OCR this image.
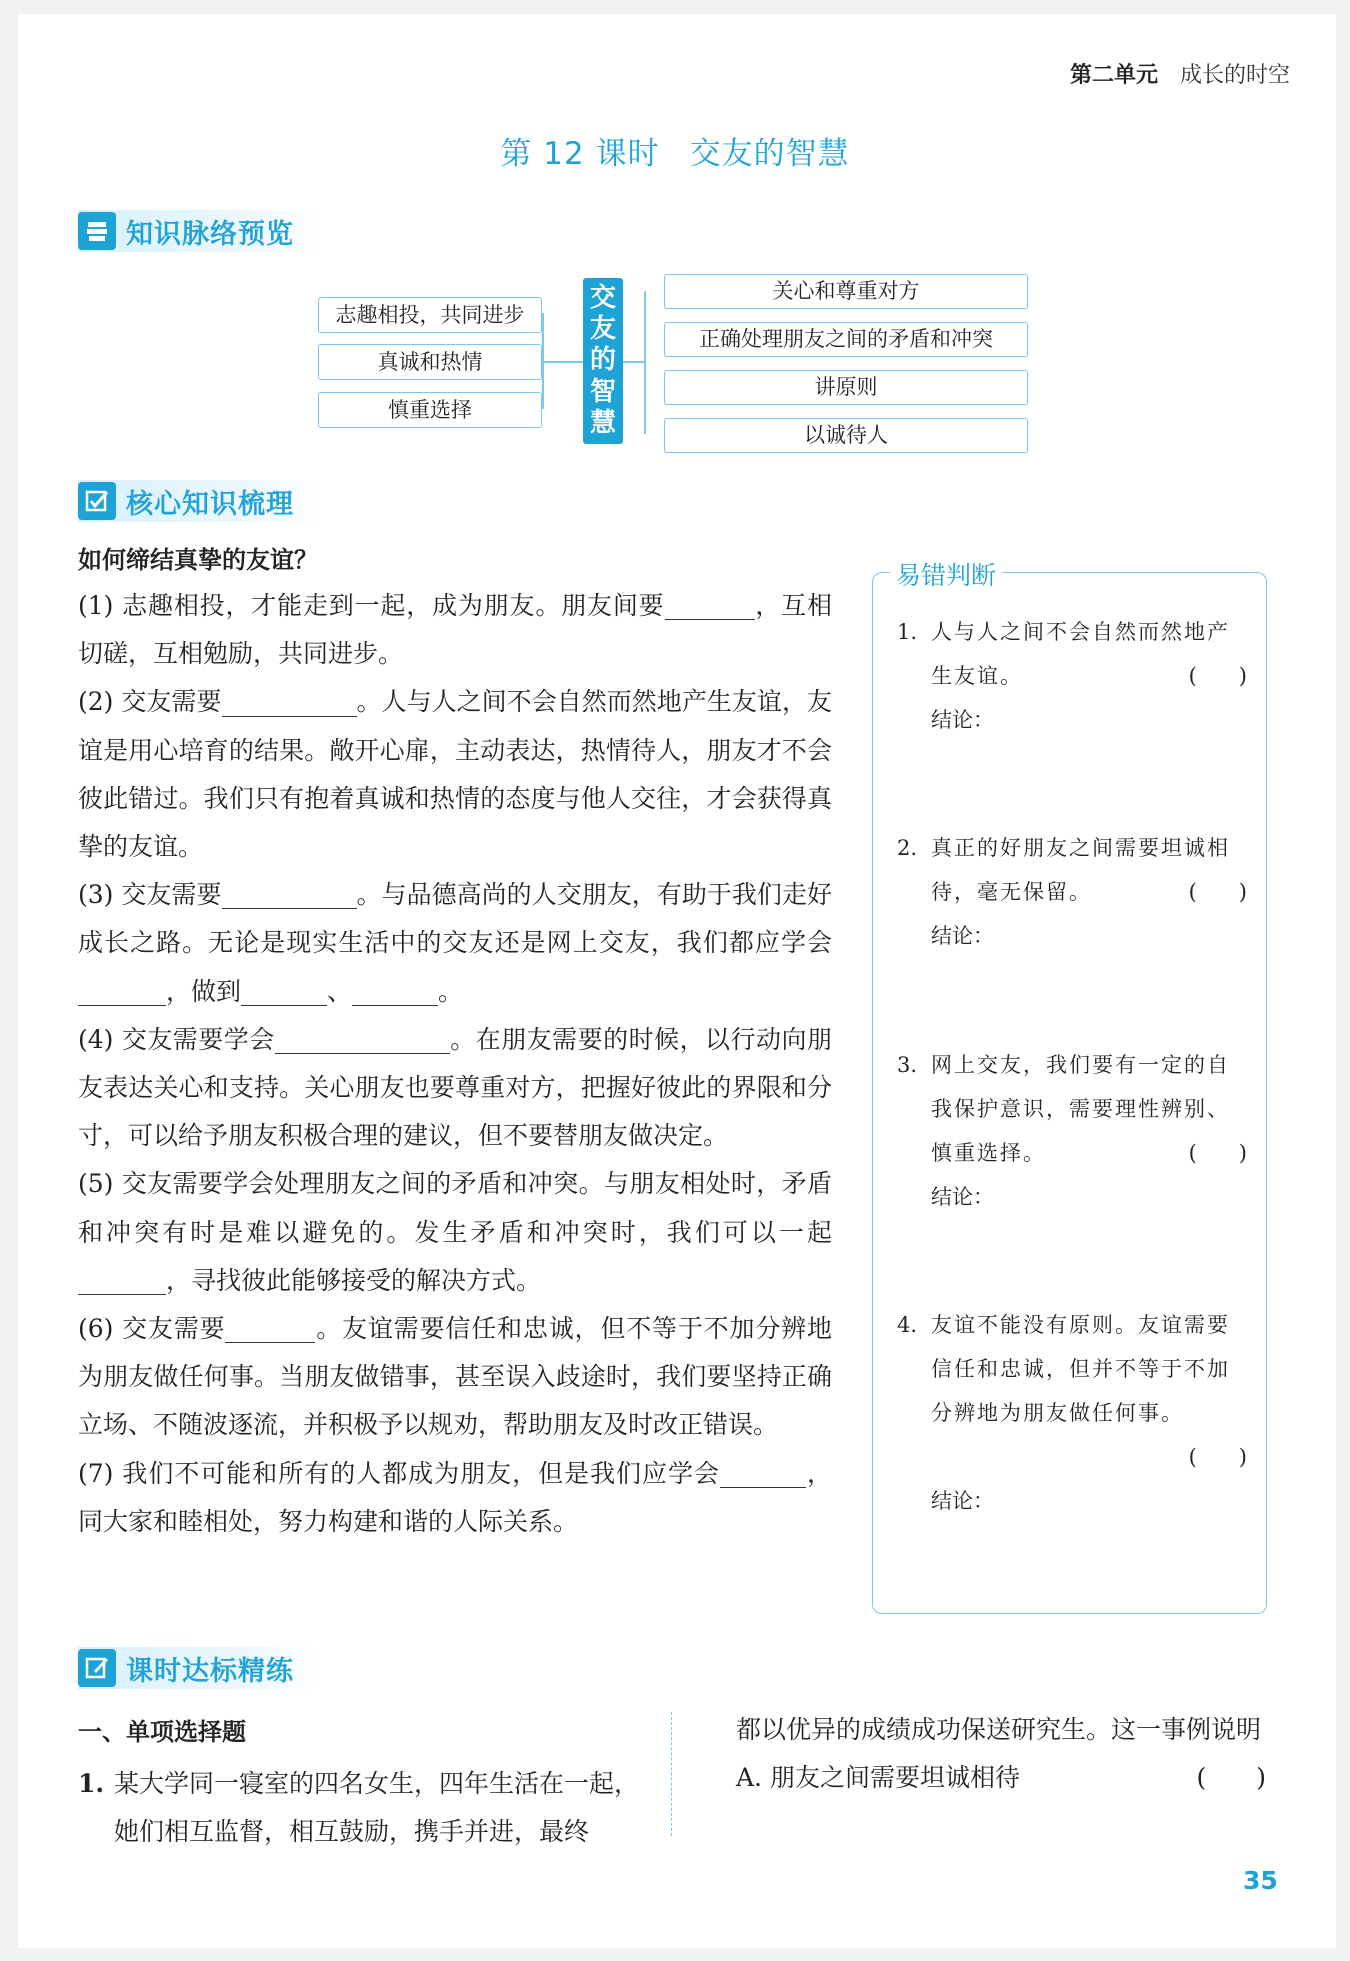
第二单元 成长的时空
第 12 课时 交友的智慧
知识脉络预览
志趣相投，共同进步
真诚和热情
慎重选择
交
友
的
智
慧
关心和尊重对方
正确处理朋友之间的矛盾和冲突
讲原则
以诚待人
核心知识梳理
如何缔结真挚的友谊？

(1) 志趣相投，才能走到一起，成为朋友。朋友间要	，互相切磋，互相勉励，共同进步。

(2) 交友需要	。人与人之间不会自然而然地产生友谊，友谊是用心培育的结果。敞开心扉，主动表达，热情待人，朋友才不会彼此错过。我们只有抱着真诚和热情的态度与他人交往，才会获得真挚的友谊。

(3) 交友需要	。与品德高尚的人交朋友，有助于我们走好成长之路。无论是现实生活中的交友还是网上交友，我们都应学会，做到	、	。

(4) 交友需要学会	。在朋友需要的时候，以行动向朋友表达关心和支持。关心朋友也要尊重对方，把握好彼此的界限和分寸，可以给予朋友积极合理的建议，但不要替朋友做决定。

(5) 交友需要学会处理朋友之间的矛盾和冲突。与朋友相处时，矛盾和冲突有时是难以避免的。发生矛盾和冲突时，我们可以一起，寻找彼此能够接受的解决方式。

(6) 交友需要	。友谊需要信任和忠诚，但不等于不加分辨地为朋友做任何事。当朋友做错事，甚至误入歧途时，我们要坚持正确立场、不随波逐流，并积极予以规劝，帮助朋友及时改正错误。

(7) 我们不可能和所有的人都成为朋友，但是我们应学会	，同大家和睦相处，努力构建和谐的人际关系。

易错判断
1. 人与人之间不会自然而然地产生友谊。	(　　)
结论：
2. 真正的好朋友之间需要坦诚相待，毫无保留。	(　　)
结论：
3. 网上交友，我们要有一定的自我保护意识，需要理性辨别、慎重选择。	(　　)
结论：
4. 友谊不能没有原则。友谊需要信任和忠诚，但并不等于不加分辨地为朋友做任何事。

(　　)
结论：
课时达标精练
一、单项选择题
1. 某大学同一寝室的四名女生，四年生活在一起，她们相互监督，相互鼓励，携手并进，最终
都以优异的成绩成功保送研究生。这一事例说明
(　　)
A. 朋友之间需要坦诚相待
35
